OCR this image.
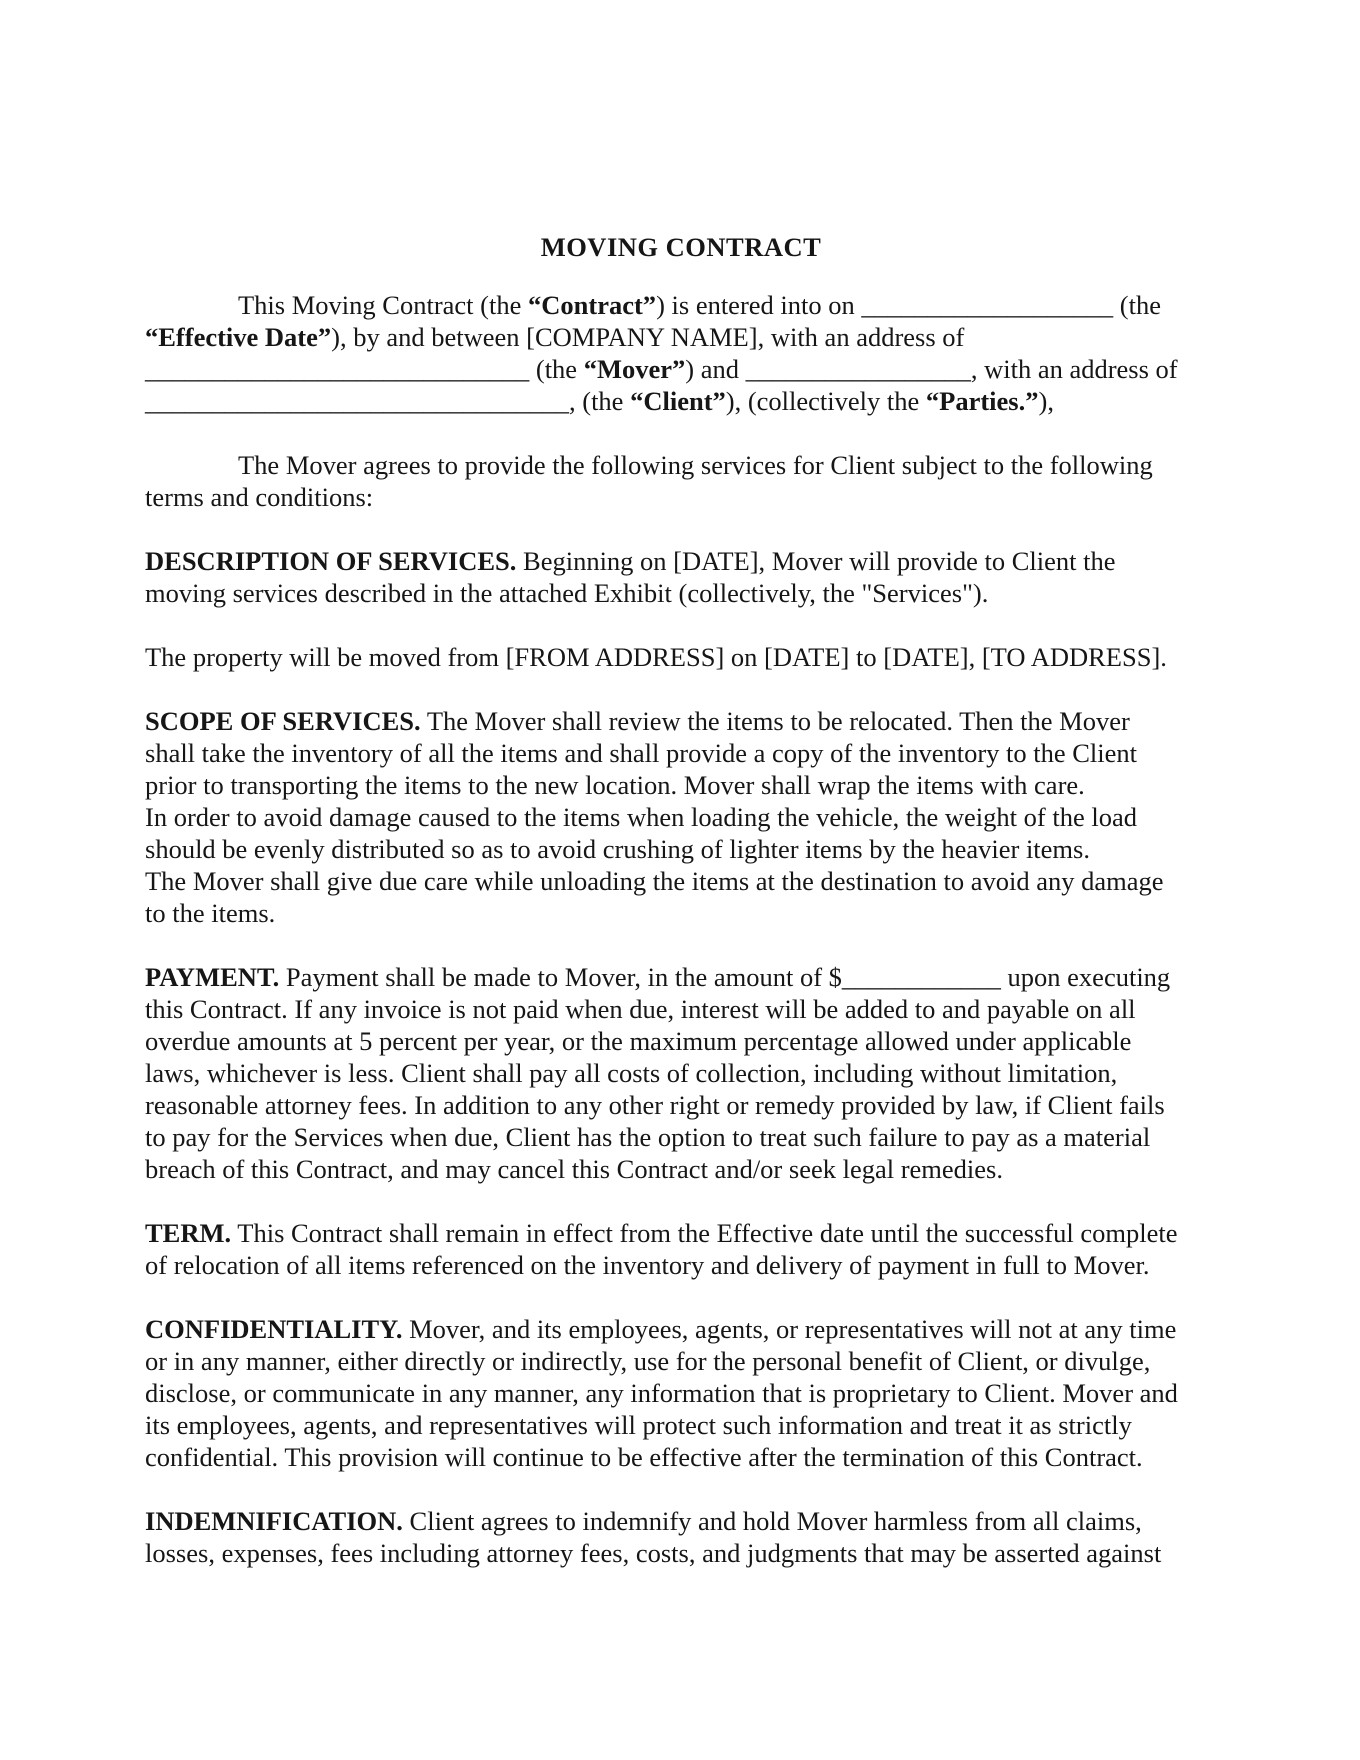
MOVING CONTRACT
This Moving Contract (the “Contract”) is entered into on ___________________ (the
“Effective Date”), by and between [COMPANY NAME], with an address of
_____________________________ (the “Mover”) and _________________, with an address of
________________________________, (the “Client”), (collectively the “Parties.”),
The Mover agrees to provide the following services for Client subject to the following
terms and conditions:
DESCRIPTION OF SERVICES. Beginning on [DATE], Mover will provide to Client the
moving services described in the attached Exhibit (collectively, the "Services").
The property will be moved from [FROM ADDRESS] on [DATE] to [DATE], [TO ADDRESS].
SCOPE OF SERVICES. The Mover shall review the items to be relocated. Then the Mover
shall take the inventory of all the items and shall provide a copy of the inventory to the Client
prior to transporting the items to the new location. Mover shall wrap the items with care.
In order to avoid damage caused to the items when loading the vehicle, the weight of the load
should be evenly distributed so as to avoid crushing of lighter items by the heavier items.
The Mover shall give due care while unloading the items at the destination to avoid any damage
to the items.
PAYMENT. Payment shall be made to Mover, in the amount of $____________ upon executing
this Contract. If any invoice is not paid when due, interest will be added to and payable on all
overdue amounts at 5 percent per year, or the maximum percentage allowed under applicable
laws, whichever is less. Client shall pay all costs of collection, including without limitation,
reasonable attorney fees. In addition to any other right or remedy provided by law, if Client fails
to pay for the Services when due, Client has the option to treat such failure to pay as a material
breach of this Contract, and may cancel this Contract and/or seek legal remedies.
TERM. This Contract shall remain in effect from the Effective date until the successful complete
of relocation of all items referenced on the inventory and delivery of payment in full to Mover.
CONFIDENTIALITY. Mover, and its employees, agents, or representatives will not at any time
or in any manner, either directly or indirectly, use for the personal benefit of Client, or divulge,
disclose, or communicate in any manner, any information that is proprietary to Client. Mover and
its employees, agents, and representatives will protect such information and treat it as strictly
confidential. This provision will continue to be effective after the termination of this Contract.
INDEMNIFICATION. Client agrees to indemnify and hold Mover harmless from all claims,
losses, expenses, fees including attorney fees, costs, and judgments that may be asserted against
